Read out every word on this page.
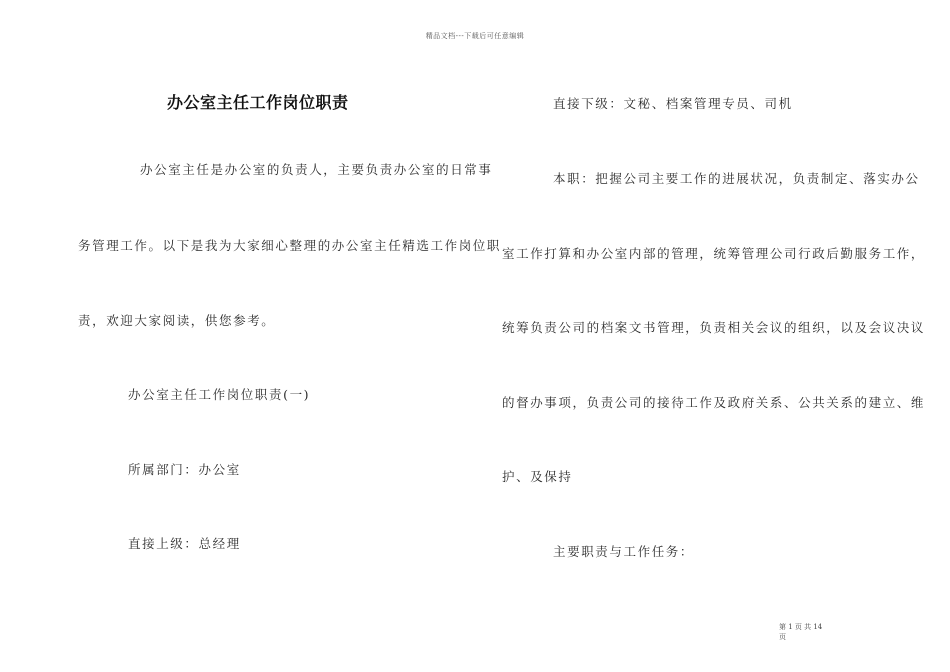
精品文档---下载后可任意编辑
办公室主任工作岗位职责
办公室主任是办公室的负责人，主要负责办公室的日常事
务管理工作。以下是我为大家细心整理的办公室主任精选工作岗位职
责，欢迎大家阅读，供您参考。
办公室主任工作岗位职责(一)
所属部门：办公室
直接上级：总经理
直接下级：文秘、档案管理专员、司机
本职：把握公司主要工作的进展状况，负责制定、落实办公
室工作打算和办公室内部的管理，统筹管理公司行政后勤服务工作，
统筹负责公司的档案文书管理，负责相关会议的组织，以及会议决议
的督办事项，负责公司的接待工作及政府关系、公共关系的建立、维
护、及保持
主要职责与工作任务：
第 1 页 共 14
页
